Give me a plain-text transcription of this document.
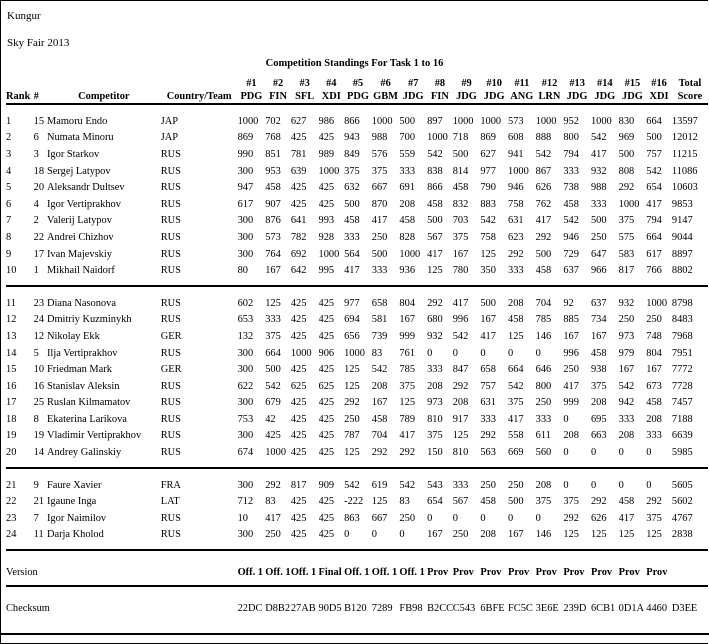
Kungur
Sky Fair 2013
Competition Standings For Task 1 to 16
				#1	#2	#3	#4	#5	#6	#7	#8	#9	#10	#11	#12	#13	#14	#15	#16	Total
Rank	#	Competitor	Country/Team	PDG	FIN	SFL	XDI	PDG	GBM	JDG	FIN	JDG	JDG	ANG	LRN	JDG	JDG	JDG	XDI	Score

1	15	Mamoru Endo	JAP	1000	702	627	986	866	1000	500	897	1000	1000	573	1000	952	1000	830	664	13597
2	6	Numata Minoru	JAP	869	768	425	425	943	988	700	1000	718	869	608	888	800	542	969	500	12012
3	3	Igor Starkov	RUS	990	851	781	989	849	576	559	542	500	627	941	542	794	417	500	757	11215
4	18	Sergej Latypov	RUS	300	953	639	1000	375	375	333	838	814	977	1000	867	333	932	808	542	11086
5	20	Aleksandr Dultsev	RUS	947	458	425	425	632	667	691	866	458	790	946	626	738	988	292	654	10603
6	4	Igor Vertiprakhov	RUS	617	907	425	425	500	870	208	458	832	883	758	762	458	333	1000	417	9853
7	2	Valerij Latypov	RUS	300	876	641	993	458	417	458	500	703	542	631	417	542	500	375	794	9147
8	22	Andrei Chizhov	RUS	300	573	782	928	333	250	828	567	375	758	623	292	946	250	575	664	9044
9	17	Ivan Majevskiy	RUS	300	764	692	1000	564	500	1000	417	167	125	292	500	729	647	583	617	8897
10	1	Mikhail Naidorf	RUS	80	167	642	995	417	333	936	125	780	350	333	458	637	966	817	766	8802

11	23	Diana Nasonova	RUS	602	125	425	425	977	658	804	292	417	500	208	704	92	637	932	1000	8798
12	24	Dmitriy Kuzminykh	RUS	653	333	425	425	694	581	167	680	996	167	458	785	885	734	250	250	8483
13	12	Nikolay Ekk	GER	132	375	425	425	656	739	999	932	542	417	125	146	167	167	973	748	7968
14	5	Ilja Vertiprakhov	RUS	300	664	1000	906	1000	83	761	0	0	0	0	0	996	458	979	804	7951
15	10	Friedman Mark	GER	300	500	425	425	125	542	785	333	847	658	664	646	250	938	167	167	7772
16	16	Stanislav Aleksin	RUS	622	542	625	625	125	208	375	208	292	757	542	800	417	375	542	673	7728
17	25	Ruslan Kilmamatov	RUS	300	679	425	425	292	167	125	973	208	631	375	250	999	208	942	458	7457
18	8	Ekaterina Larikova	RUS	753	42	425	425	250	458	789	810	917	333	417	333	0	695	333	208	7188
19	19	Vladimir Vertiprakhov	RUS	300	425	425	425	787	704	417	375	125	292	558	611	208	663	208	333	6639
20	14	Andrey Galinskiy	RUS	674	1000	425	425	125	292	292	150	810	563	669	560	0	0	0	0	5985

21	9	Faure Xavier	FRA	300	292	817	909	542	619	542	543	333	250	250	208	0	0	0	0	5605
22	21	Igaune Inga	LAT	712	83	425	425	-222	125	83	654	567	458	500	375	375	292	458	292	5602
23	7	Igor Naimilov	RUS	10	417	425	425	863	667	250	0	0	0	0	0	292	626	417	375	4767
24	11	Darja Kholod	RUS	300	250	425	425	0	0	0	167	250	208	167	146	125	125	125	125	2838

Version				Off. 1	Off. 1	Off. 1	Final	Off. 1	Off. 1	Off. 1	Prov	Prov	Prov	Prov	Prov	Prov	Prov	Prov	Prov	

Checksum				22DC	D8B2	27AB	90D5	B120	7289	FB98	B2CC	C543	6BFE	FC5C	3E6E	239D	6CB1	0D1A	4460	D3EE
